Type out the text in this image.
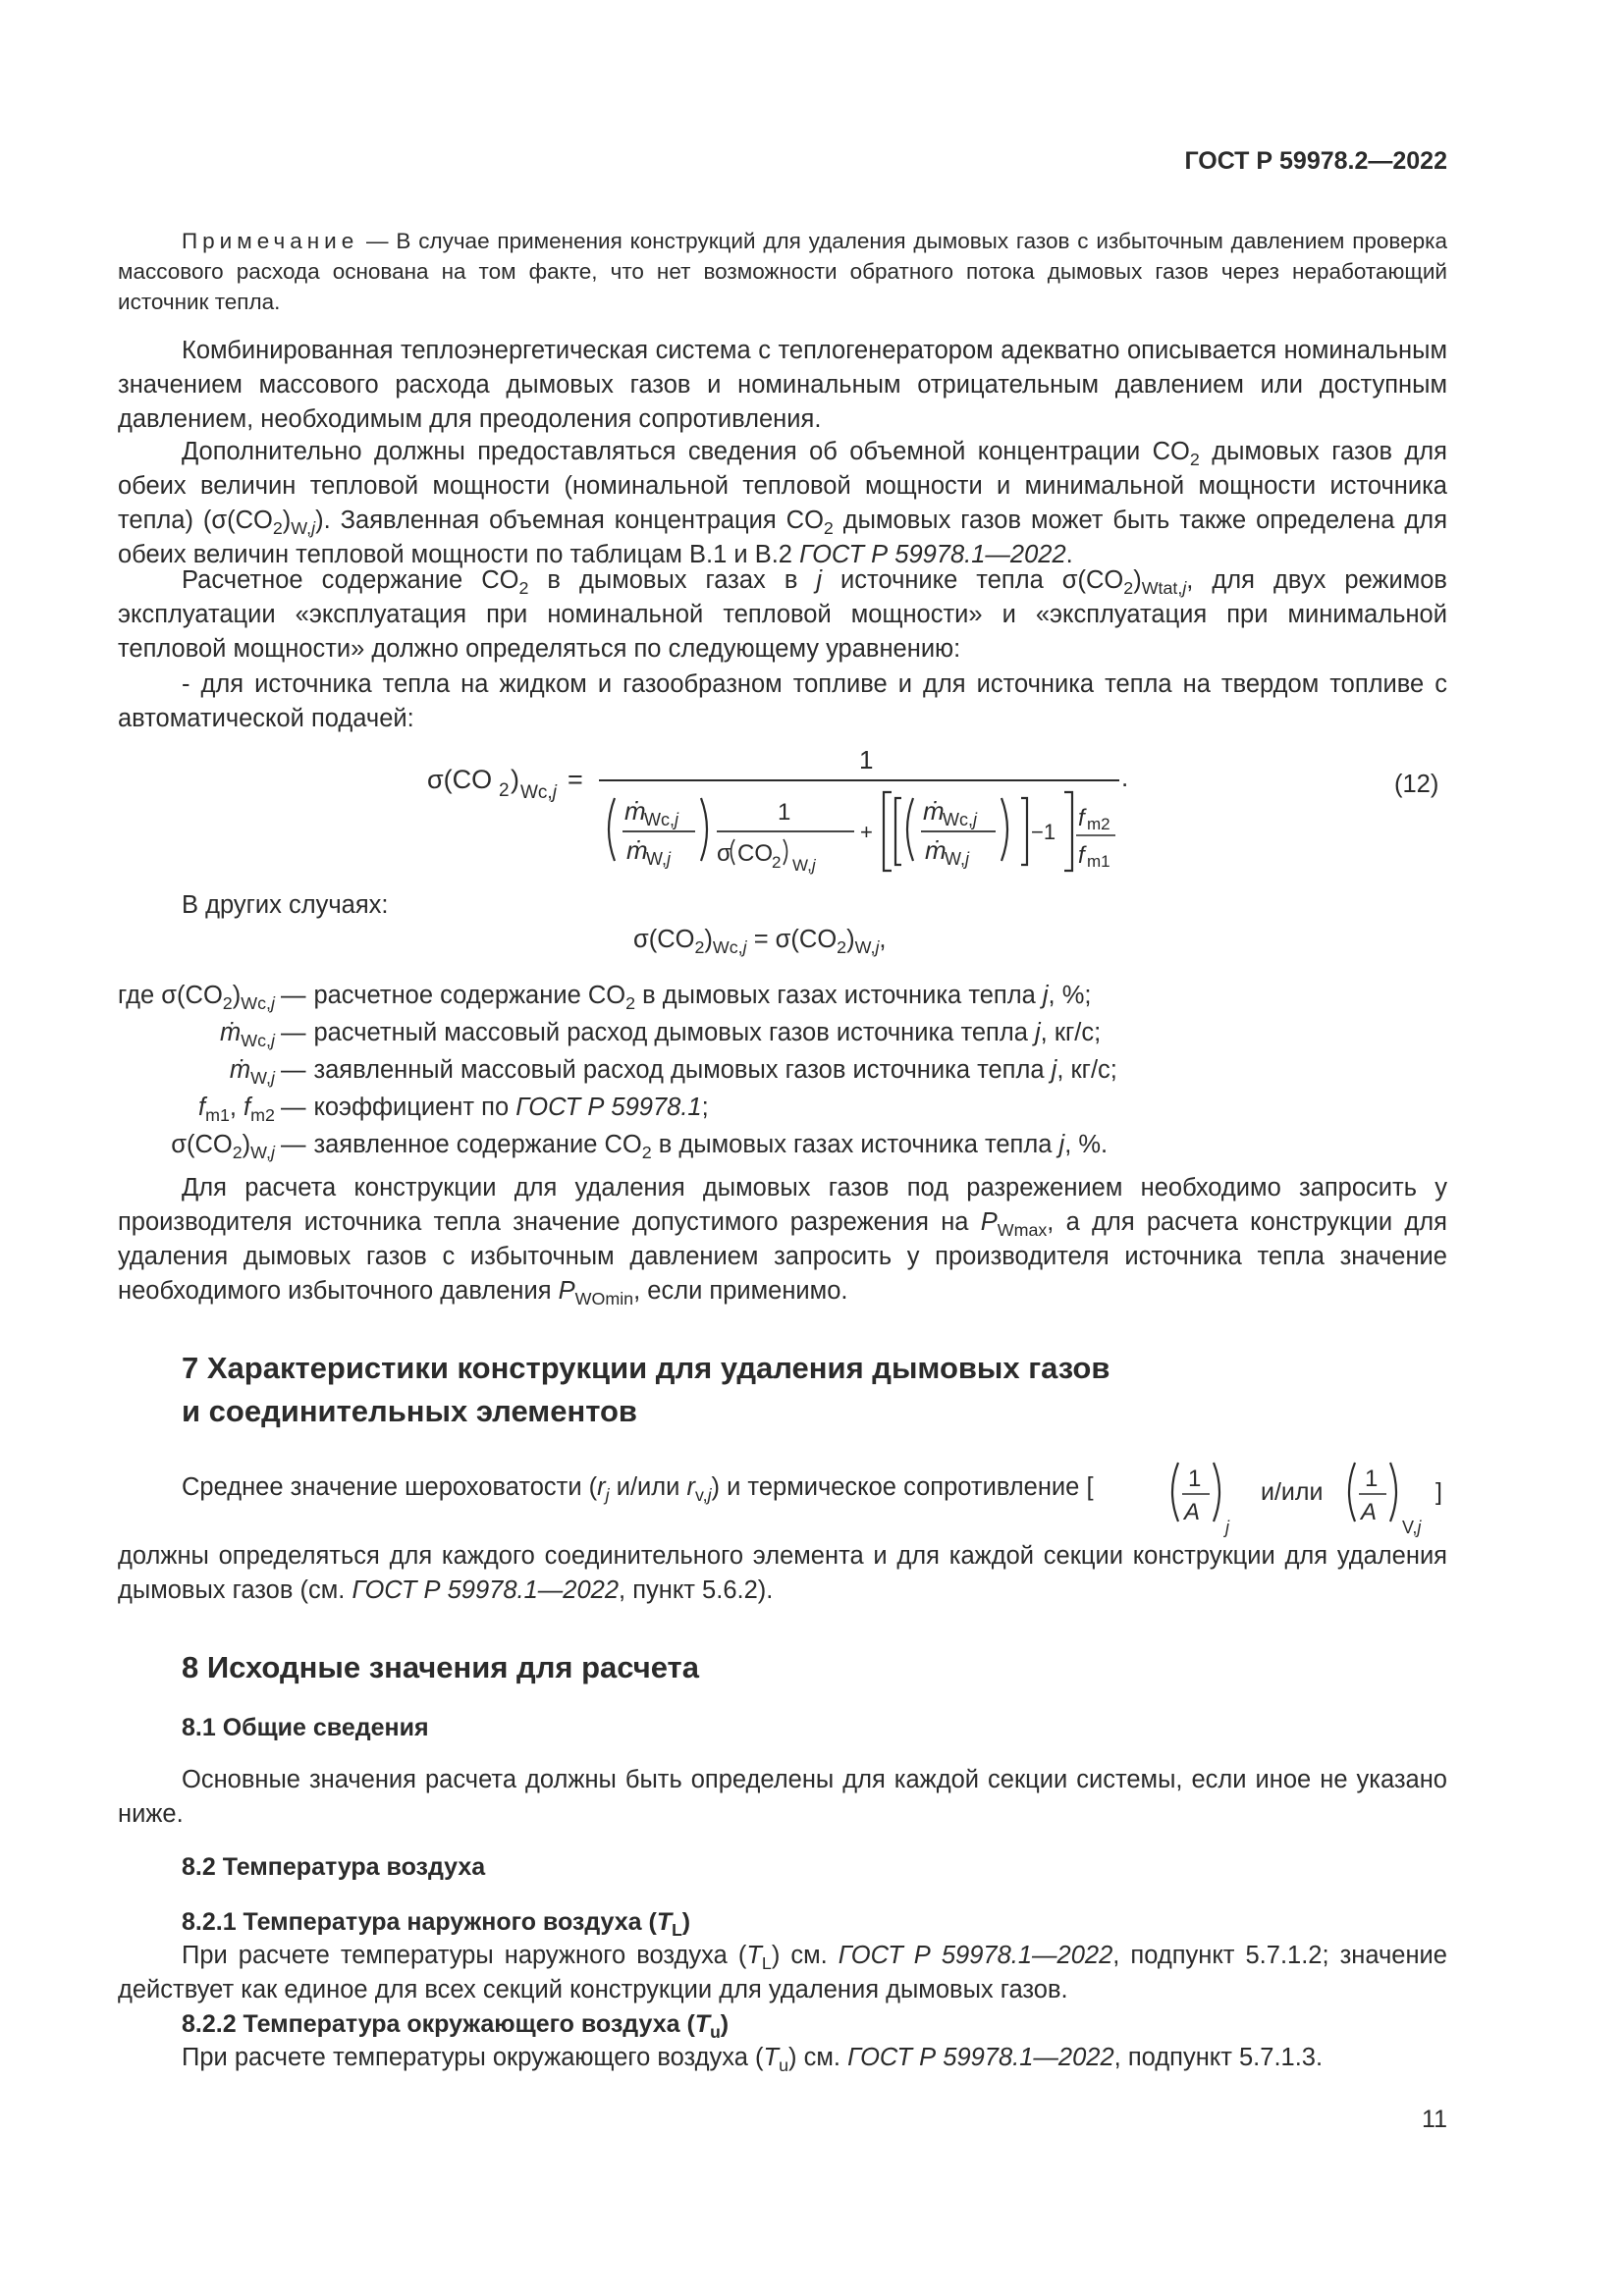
ГОСТ Р 59978.2—2022
Примечание — В случае применения конструкций для удаления дымовых газов с избыточным давлением проверка массового расхода основана на том факте, что нет возможности обратного потока дымовых газов через неработающий источник тепла.
Комбинированная теплоэнергетическая система с теплогенератором адекватно описывается номинальным значением массового расхода дымовых газов и номинальным отрицательным давлением или доступным давлением, необходимым для преодоления сопротивления.
Дополнительно должны предоставляться сведения об объемной концентрации $CO_2$ дымовых газов для обеих величин тепловой мощности (номинальной тепловой мощности и минимальной мощности источника тепла) $(\sigma(CO_2)_{W,j})$. Заявленная объемная концентрация $CO_2$ дымовых газов может быть также определена для обеих величин тепловой мощности по таблицам В.1 и В.2 ГОСТ Р 59978.1—2022.
Расчетное содержание $CO_2$ в дымовых газах в j источнике тепла $\sigma(CO_2)_{Wtat,j}$, для двух режимов эксплуатации «эксплуатация при номинальной тепловой мощности» и «эксплуатация при минимальной тепловой мощности» должно определяться по следующему уравнению:
- для источника тепла на жидком и газообразном топливе и для источника тепла на твердом топливе с автоматической подачей:
σ(CO 2 ) Wc,j =
1
.
ṁ
Wc,j
ṁ
W,j
1
σ CO 2 W,j
+
ṁ
Wc,j
ṁ
W,j
−1
f m2
f m1
(12)
В других случаях:
$\sigma(CO_2)_{Wc,j} = \sigma(CO_2)_{W,j}$,
где $\sigma(CO_2)_{Wc,j}$	—	расчетное содержание $CO_2$ в дымовых газах источника тепла j, %;
ṁ$_{Wc,j}$	—	расчетный массовый расход дымовых газов источника тепла j, кг/с;
ṁ$_{W,j}$	—	заявленный массовый расход дымовых газов источника тепла j, кг/с;
$f_{m1}$, $f_{m2}$	—	коэффициент по ГОСТ Р 59978.1;
$\sigma(CO_2)_{W,j}$	—	заявленное содержание $CO_2$ в дымовых газах источника тепла j, %.
Для расчета конструкции для удаления дымовых газов под разрежением необходимо запросить у производителя источника тепла значение допустимого разрежения на $P_{Wmax}$, а для расчета конструкции для удаления дымовых газов с избыточным давлением запросить у производителя источника тепла значение необходимого избыточного давления $P_{WOmin}$, если применимо.
7 Характеристики конструкции для удаления дымовых газов
и соединительных элементов
Среднее значение шероховатости ($r_j$ и/или $r_{v,j}$) и термическое сопротивление [	1
A
j
и/или 1
A
V,j
]
должны определяться для каждого соединительного элемента и для каждой секции конструкции для удаления дымовых газов (см. ГОСТ Р 59978.1—2022, пункт 5.6.2).
8 Исходные значения для расчета
8.1 Общие сведения
Основные значения расчета должны быть определены для каждой секции системы, если иное не указано ниже.
8.2 Температура воздуха
8.2.1 Температура наружного воздуха $(T_L)$
При расчете температуры наружного воздуха $(T_L)$ см. ГОСТ Р 59978.1—2022, подпункт 5.7.1.2; значение действует как единое для всех секций конструкции для удаления дымовых газов.
8.2.2 Температура окружающего воздуха $(T_u)$
При расчете температуры окружающего воздуха $(T_u)$ см. ГОСТ Р 59978.1—2022, подпункт 5.7.1.3.
11
